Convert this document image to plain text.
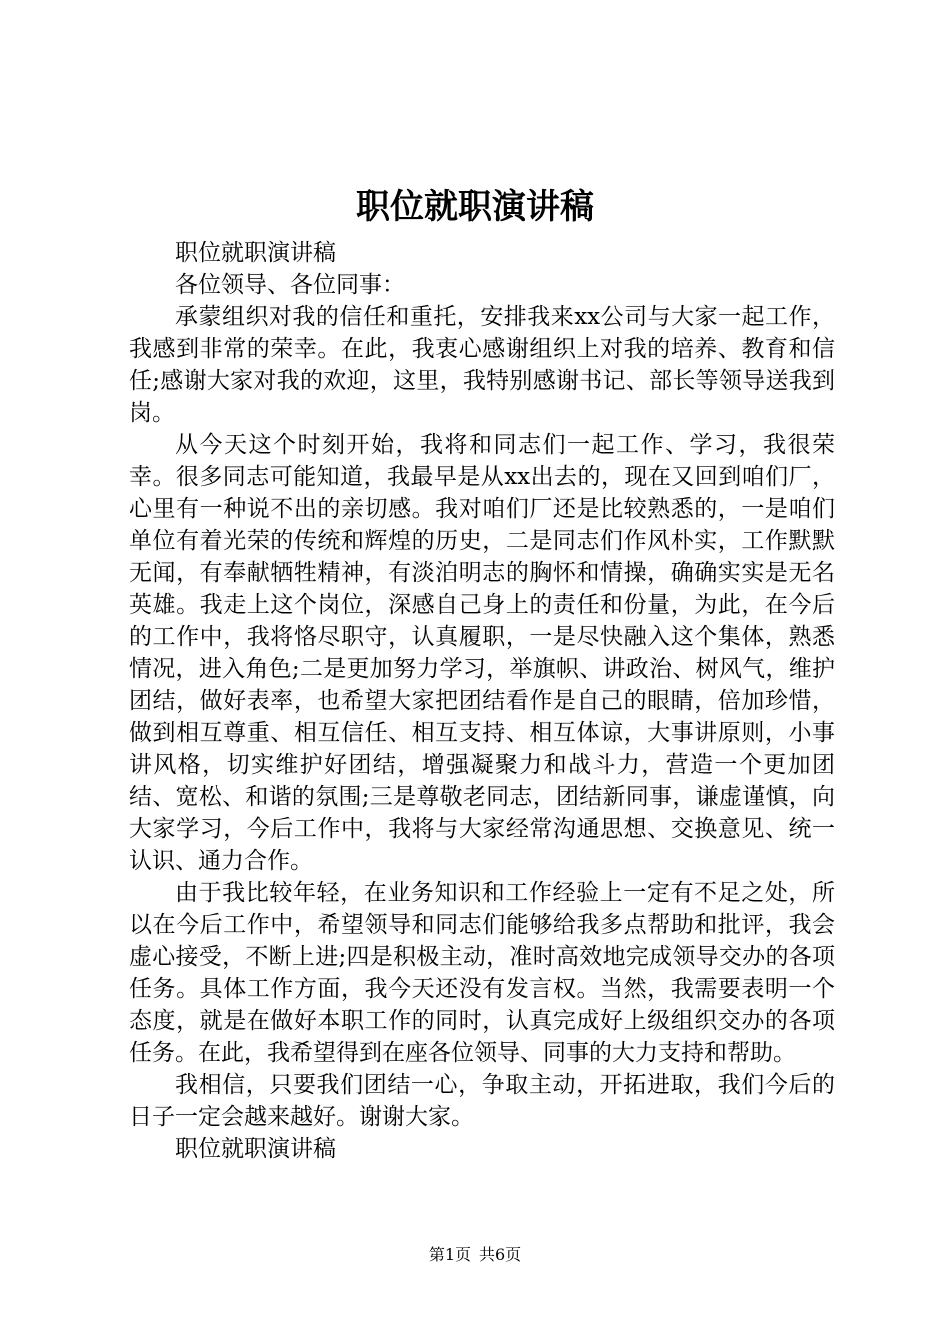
职位就职演讲稿

职位就职演讲稿

各位领导、各位同事：

承蒙组织对我的信任和重托，安排我来xx公司与大家一起工作，我感到非常的荣幸。在此，我衷心感谢组织上对我的培养、教育和信任;感谢大家对我的欢迎，这里，我特别感谢书记、部长等领导送我到岗。

从今天这个时刻开始，我将和同志们一起工作、学习，我很荣幸。很多同志可能知道，我最早是从xx出去的，现在又回到咱们厂，心里有一种说不出的亲切感。我对咱们厂还是比较熟悉的，一是咱们单位有着光荣的传统和辉煌的历史，二是同志们作风朴实，工作默默无闻，有奉献牺牲精神，有淡泊明志的胸怀和情操，确确实实是无名英雄。我走上这个岗位，深感自己身上的责任和份量，为此，在今后的工作中，我将恪尽职守，认真履职，一是尽快融入这个集体，熟悉情况，进入角色;二是更加努力学习，举旗帜、讲政治、树风气，维护团结，做好表率，也希望大家把团结看作是自己的眼睛，倍加珍惜，做到相互尊重、相互信任、相互支持、相互体谅，大事讲原则，小事讲风格，切实维护好团结，增强凝聚力和战斗力，营造一个更加团结、宽松、和谐的氛围;三是尊敬老同志，团结新同事，谦虚谨慎，向大家学习，今后工作中，我将与大家经常沟通思想、交换意见、统一认识、通力合作。

由于我比较年轻，在业务知识和工作经验上一定有不足之处，所以在今后工作中，希望领导和同志们能够给我多点帮助和批评，我会虚心接受，不断上进;四是积极主动，准时高效地完成领导交办的各项任务。具体工作方面，我今天还没有发言权。当然，我需要表明一个态度，就是在做好本职工作的同时，认真完成好上级组织交办的各项任务。在此，我希望得到在座各位领导、同事的大力支持和帮助。

我相信，只要我们团结一心，争取主动，开拓进取，我们今后的日子一定会越来越好。谢谢大家。

职位就职演讲稿

第1页 共6页
